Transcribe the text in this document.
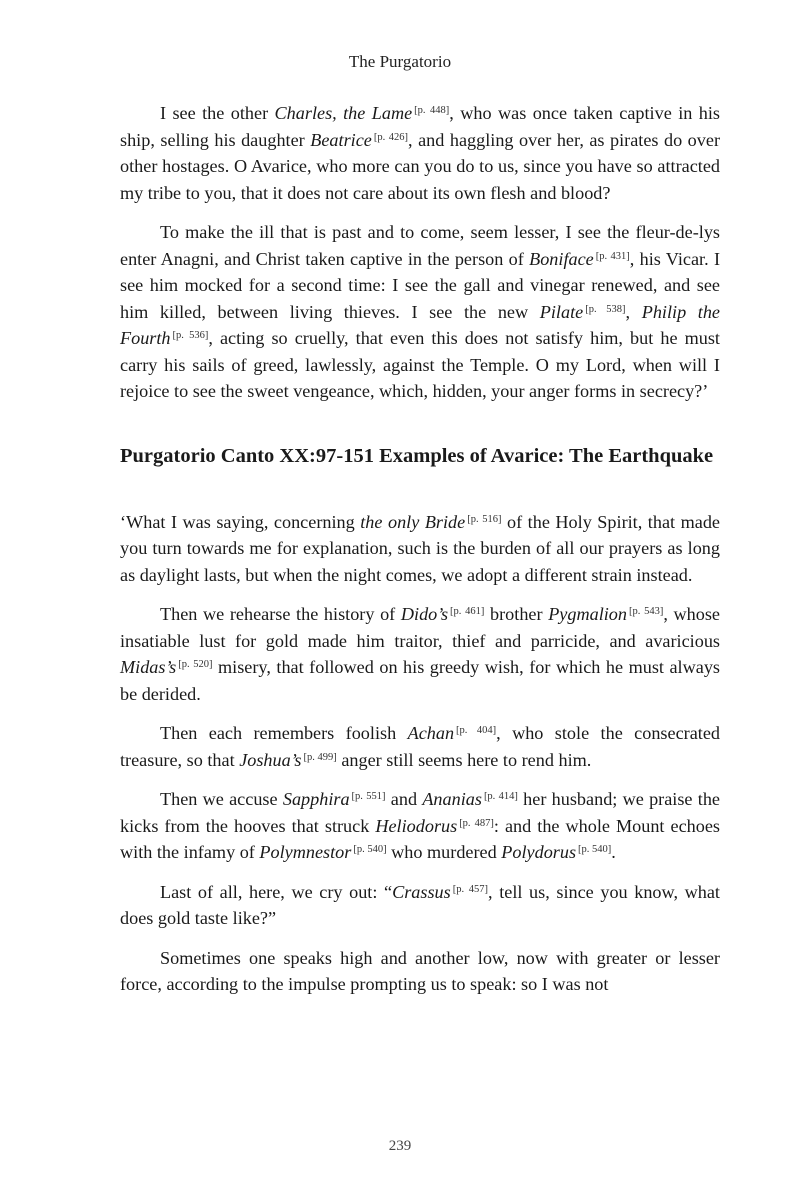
The Purgatorio

I see the other Charles, the Lame [p. 448], who was once taken captive in his ship, selling his daughter Beatrice [p. 426], and haggling over her, as pirates do over other hostages. O Avarice, who more can you do to us, since you have so attracted my tribe to you, that it does not care about its own flesh and blood?

To make the ill that is past and to come, seem lesser, I see the fleur-de-lys enter Anagni, and Christ taken captive in the person of Boniface [p. 431], his Vicar. I see him mocked for a second time: I see the gall and vinegar renewed, and see him killed, between living thieves. I see the new Pilate [p. 538], Philip the Fourth [p. 536], acting so cruelly, that even this does not satisfy him, but he must carry his sails of greed, lawlessly, against the Temple. O my Lord, when will I rejoice to see the sweet vengeance, which, hidden, your anger forms in secrecy?’

Purgatorio Canto XX:97-151 Examples of Avarice: The Earthquake

‘What I was saying, concerning the only Bride [p. 516] of the Holy Spirit, that made you turn towards me for explanation, such is the burden of all our prayers as long as daylight lasts, but when the night comes, we adopt a different strain instead.

Then we rehearse the history of Dido’s [p. 461] brother Pygmalion [p. 543], whose insatiable lust for gold made him traitor, thief and parricide, and avaricious Midas’s [p. 520] misery, that followed on his greedy wish, for which he must always be derided.

Then each remembers foolish Achan [p. 404], who stole the consecrated treasure, so that Joshua’s [p. 499] anger still seems here to rend him.

Then we accuse Sapphira [p. 551] and Ananias [p. 414] her husband; we praise the kicks from the hooves that struck Heliodorus [p. 487]: and the whole Mount echoes with the infamy of Polymnestor [p. 540] who murdered Polydorus [p. 540].

Last of all, here, we cry out: “Crassus [p. 457], tell us, since you know, what does gold taste like?”

Sometimes one speaks high and another low, now with greater or lesser force, according to the impulse prompting us to speak: so I was not

239
